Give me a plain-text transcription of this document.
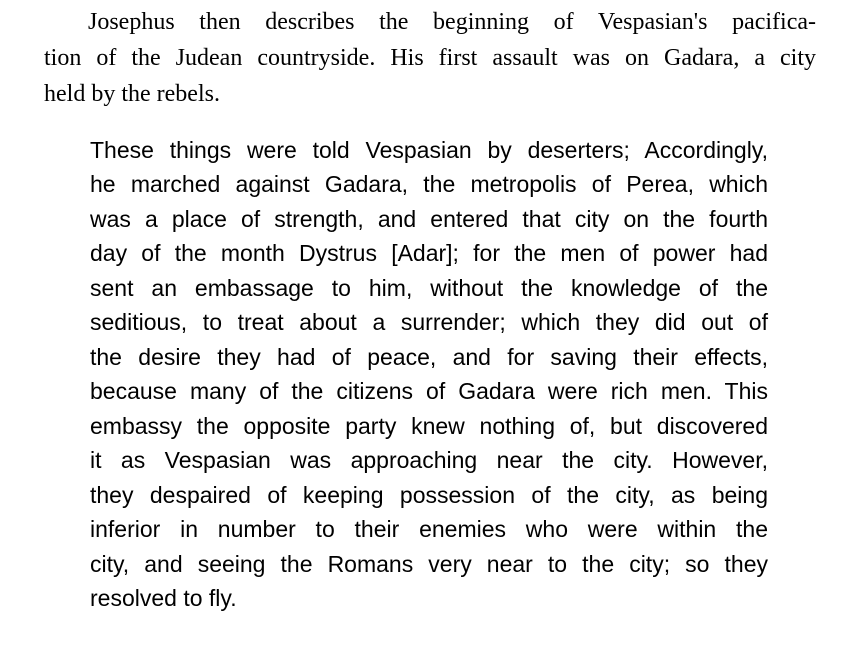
Josephus then describes the beginning of Vespasian's pacifica-
tion of the Judean countryside. His first assault was on Gadara, a city
held by the rebels.
These things were told Vespasian by deserters; Accordingly,
he marched against Gadara, the metropolis of Perea, which
was a place of strength, and entered that city on the fourth
day of the month Dystrus [Adar]; for the men of power had
sent an embassage to him, without the knowledge of the
seditious, to treat about a surrender; which they did out of
the desire they had of peace, and for saving their effects,
because many of the citizens of Gadara were rich men. This
embassy the opposite party knew nothing of, but discovered
it as Vespasian was approaching near the city. However,
they despaired of keeping possession of the city, as being
inferior in number to their enemies who were within the
city, and seeing the Romans very near to the city; so they
resolved to fly.
